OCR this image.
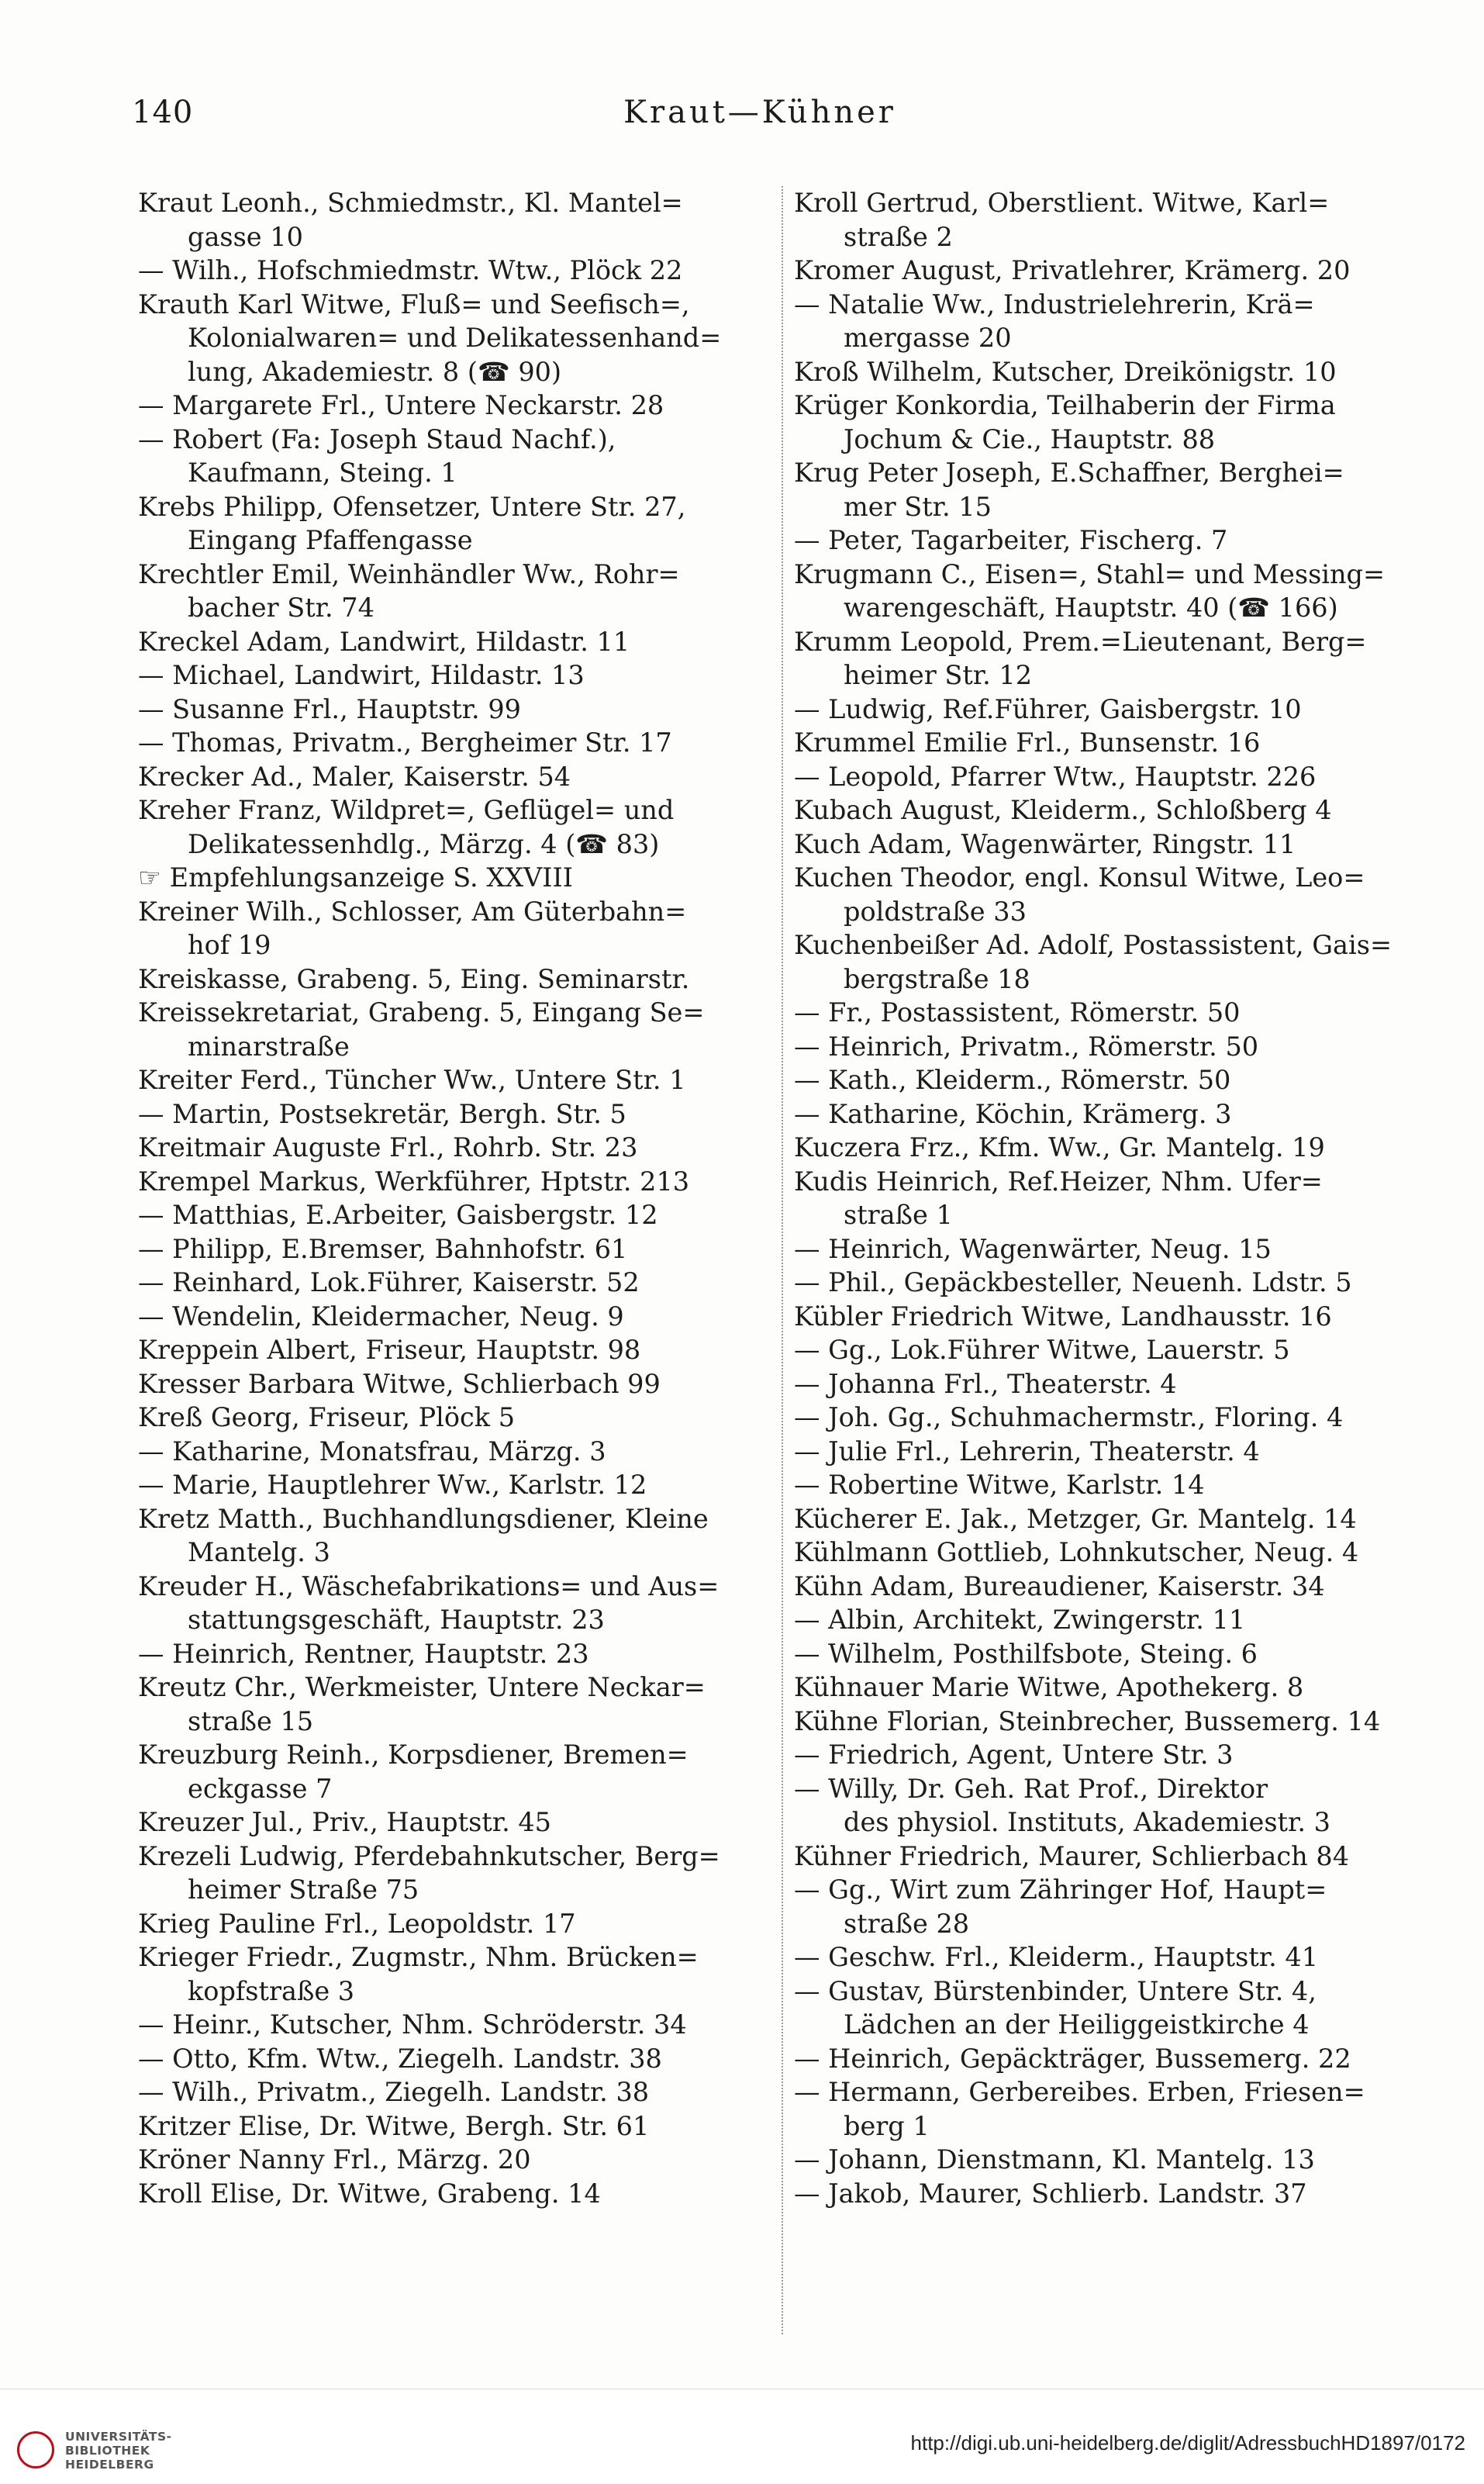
140	Kraut—Kühner
Kraut Leonh., Schmiedmstr., Kl. Mantel=
gasse 10
— Wilh., Hofschmiedmstr. Wtw., Plöck 22
Krauth Karl Witwe, Fluß= und Seefisch=,
Kolonialwaren= und Delikatessenhand=
lung, Akademiestr. 8 (☎ 90)
— Margarete Frl., Untere Neckarstr. 28
— Robert (Fa: Joseph Staud Nachf.),
Kaufmann, Steing. 1
Krebs Philipp, Ofensetzer, Untere Str. 27,
Eingang Pfaffengasse
Krechtler Emil, Weinhändler Ww., Rohr=
bacher Str. 74
Kreckel Adam, Landwirt, Hildastr. 11
— Michael, Landwirt, Hildastr. 13
— Susanne Frl., Hauptstr. 99
— Thomas, Privatm., Bergheimer Str. 17
Krecker Ad., Maler, Kaiserstr. 54
Kreher Franz, Wildpret=, Geflügel= und
Delikatessenhdlg., Märzg. 4 (☎ 83)
☞ Empfehlungsanzeige S. XXVIII
Kreiner Wilh., Schlosser, Am Güterbahn=
hof 19
Kreiskasse, Grabeng. 5, Eing. Seminarstr.
Kreissekretariat, Grabeng. 5, Eingang Se=
minarstraße
Kreiter Ferd., Tüncher Ww., Untere Str. 1
— Martin, Postsekretär, Bergh. Str. 5
Kreitmair Auguste Frl., Rohrb. Str. 23
Krempel Markus, Werkführer, Hptstr. 213
— Matthias, E.Arbeiter, Gaisbergstr. 12
— Philipp, E.Bremser, Bahnhofstr. 61
— Reinhard, Lok.Führer, Kaiserstr. 52
— Wendelin, Kleidermacher, Neug. 9
Kreppein Albert, Friseur, Hauptstr. 98
Kresser Barbara Witwe, Schlierbach 99
Kreß Georg, Friseur, Plöck 5
— Katharine, Monatsfrau, Märzg. 3
— Marie, Hauptlehrer Ww., Karlstr. 12
Kretz Matth., Buchhandlungsdiener, Kleine
Mantelg. 3
Kreuder H., Wäschefabrikations= und Aus=
stattungsgeschäft, Hauptstr. 23
— Heinrich, Rentner, Hauptstr. 23
Kreutz Chr., Werkmeister, Untere Neckar=
straße 15
Kreuzburg Reinh., Korpsdiener, Bremen=
eckgasse 7
Kreuzer Jul., Priv., Hauptstr. 45
Krezeli Ludwig, Pferdebahnkutscher, Berg=
heimer Straße 75
Krieg Pauline Frl., Leopoldstr. 17
Krieger Friedr., Zugmstr., Nhm. Brücken=
kopfstraße 3
— Heinr., Kutscher, Nhm. Schröderstr. 34
— Otto, Kfm. Wtw., Ziegelh. Landstr. 38
— Wilh., Privatm., Ziegelh. Landstr. 38
Kritzer Elise, Dr. Witwe, Bergh. Str. 61
Kröner Nanny Frl., Märzg. 20
Kroll Elise, Dr. Witwe, Grabeng. 14
Kroll Gertrud, Oberstlient. Witwe, Karl=
straße 2
Kromer August, Privatlehrer, Krämerg. 20
— Natalie Ww., Industrielehrerin, Krä=
mergasse 20
Kroß Wilhelm, Kutscher, Dreikönigstr. 10
Krüger Konkordia, Teilhaberin der Firma
Jochum & Cie., Hauptstr. 88
Krug Peter Joseph, E.Schaffner, Berghei=
mer Str. 15
— Peter, Tagarbeiter, Fischerg. 7
Krugmann C., Eisen=, Stahl= und Messing=
warengeschäft, Hauptstr. 40 (☎ 166)
Krumm Leopold, Prem.=Lieutenant, Berg=
heimer Str. 12
— Ludwig, Ref.Führer, Gaisbergstr. 10
Krummel Emilie Frl., Bunsenstr. 16
— Leopold, Pfarrer Wtw., Hauptstr. 226
Kubach August, Kleiderm., Schloßberg 4
Kuch Adam, Wagenwärter, Ringstr. 11
Kuchen Theodor, engl. Konsul Witwe, Leo=
poldstraße 33
Kuchenbeißer Ad. Adolf, Postassistent, Gais=
bergstraße 18
— Fr., Postassistent, Römerstr. 50
— Heinrich, Privatm., Römerstr. 50
— Kath., Kleiderm., Römerstr. 50
— Katharine, Köchin, Krämerg. 3
Kuczera Frz., Kfm. Ww., Gr. Mantelg. 19
Kudis Heinrich, Ref.Heizer, Nhm. Ufer=
straße 1
— Heinrich, Wagenwärter, Neug. 15
— Phil., Gepäckbesteller, Neuenh. Ldstr. 5
Kübler Friedrich Witwe, Landhausstr. 16
— Gg., Lok.Führer Witwe, Lauerstr. 5
— Johanna Frl., Theaterstr. 4
— Joh. Gg., Schuhmachermstr., Floring. 4
— Julie Frl., Lehrerin, Theaterstr. 4
— Robertine Witwe, Karlstr. 14
Kücherer E. Jak., Metzger, Gr. Mantelg. 14
Kühlmann Gottlieb, Lohnkutscher, Neug. 4
Kühn Adam, Bureaudiener, Kaiserstr. 34
— Albin, Architekt, Zwingerstr. 11
— Wilhelm, Posthilfsbote, Steing. 6
Kühnauer Marie Witwe, Apothekerg. 8
Kühne Florian, Steinbrecher, Bussemerg. 14
— Friedrich, Agent, Untere Str. 3
— Willy, Dr. Geh. Rat Prof., Direktor
des physiol. Instituts, Akademiestr. 3
Kühner Friedrich, Maurer, Schlierbach 84
— Gg., Wirt zum Zähringer Hof, Haupt=
straße 28
— Geschw. Frl., Kleiderm., Hauptstr. 41
— Gustav, Bürstenbinder, Untere Str. 4,
Lädchen an der Heiliggeistkirche 4
— Heinrich, Gepäckträger, Bussemerg. 22
— Hermann, Gerbereibes. Erben, Friesen=
berg 1
— Johann, Dienstmann, Kl. Mantelg. 13
— Jakob, Maurer, Schlierb. Landstr. 37
UNIVERSITÄTS-
BIBLIOTHEK
HEIDELBERG
http://digi.ub.uni-heidelberg.de/diglit/AdressbuchHD1897/0172
